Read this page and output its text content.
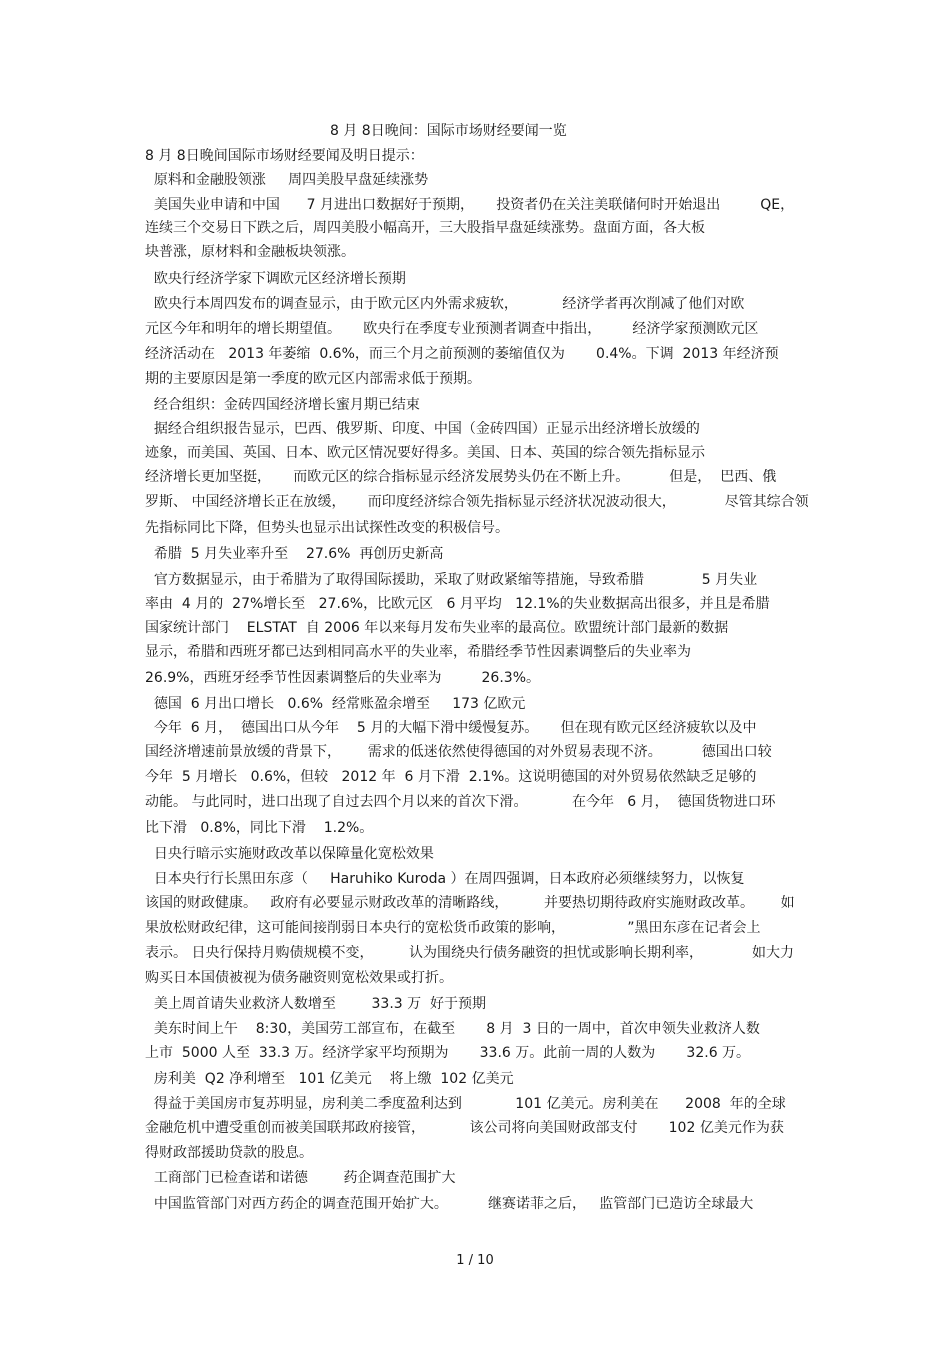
8 月 8日晚间：国际市场财经要闻一览
8 月 8日晚间国际市场财经要闻及明日提示：
原料和金融股领涨     周四美股早盘延续涨势
美国失业申请和中国      7 月进出口数据好于预期，     投资者仍在关注美联储何时开始退出         QE，
连续三个交易日下跌之后，周四美股小幅高开，三大股指早盘延续涨势。盘面方面，各大板
块普涨，原材料和金融板块领涨。
欧央行经济学家下调欧元区经济增长预期
欧央行本周四发布的调查显示，由于欧元区内外需求疲软，          经济学者再次削减了他们对欧
元区今年和明年的增长期望值。     欧央行在季度专业预测者调查中指出，       经济学家预测欧元区
经济活动在   2013 年萎缩  0.6%，而三个月之前预测的萎缩值仅为       0.4%。下调  2013 年经济预
期的主要原因是第一季度的欧元区内部需求低于预期。
经合组织：金砖四国经济增长蜜月期已结束
据经合组织报告显示，巴西、俄罗斯、印度、中国（金砖四国）正显示出经济增长放缓的
迹象，而美国、英国、日本、欧元区情况要好得多。美国、日本、英国的综合领先指标显示
经济增长更加坚挺，     而欧元区的综合指标显示经济发展势头仍在不断上升。         但是，  巴西、俄
罗斯、 中国经济增长正在放缓，     而印度经济综合领先指标显示经济状况波动很大，           尽管其综合领
先指标同比下降，但势头也显示出试探性改变的积极信号。
希腊  5 月失业率升至    27.6%  再创历史新高
官方数据显示，由于希腊为了取得国际援助，采取了财政紧缩等措施，导致希腊             5 月失业
率由  4 月的  27%增长至   27.6%，比欧元区   6 月平均   12.1%的失业数据高出很多，并且是希腊
国家统计部门    ELSTAT  自 2006 年以来每月发布失业率的最高位。欧盟统计部门最新的数据
显示，希腊和西班牙都已达到相同高水平的失业率，希腊经季节性因素调整后的失业率为
26.9%，西班牙经季节性因素调整后的失业率为         26.3%。
德国  6 月出口增长   0.6%  经常账盈余增至     173 亿欧元
今年  6 月，  德国出口从今年    5 月的大幅下滑中缓慢复苏。     但在现有欧元区经济疲软以及中
国经济增速前景放缓的背景下，      需求的低迷依然使得德国的对外贸易表现不济。         德国出口较
今年  5 月增长   0.6%，但较   2012 年  6 月下滑  2.1%。这说明德国的对外贸易依然缺乏足够的
动能。 与此同时，进口出现了自过去四个月以来的首次下滑。          在今年   6 月，  德国货物进口环
比下滑   0.8%，同比下滑    1.2%。
日央行暗示实施财政改革以保障量化宽松效果
日本央行行长黑田东彦（     Haruhiko Kuroda ）在周四强调，日本政府必须继续努力，以恢复
该国的财政健康。   政府有必要显示财政改革的清晰路线，        并要热切期待政府实施财政改革。      如
果放松财政纪律，这可能间接削弱日本央行的宽松货币政策的影响，              ”黑田东彦在记者会上
表示。 日央行保持月购债规模不变，        认为围绕央行债务融资的担忧或影响长期利率，           如大力
购买日本国债被视为债务融资则宽松效果或打折。
美上周首请失业救济人数增至        33.3 万  好于预期
美东时间上午    8:30，美国劳工部宣布，在截至       8 月  3 日的一周中，首次申领失业救济人数
上市  5000 人至  33.3 万。经济学家平均预期为       33.6 万。此前一周的人数为       32.6 万。
房利美  Q2 净利增至   101 亿美元    将上缴  102 亿美元
得益于美国房市复苏明显，房利美二季度盈利达到            101 亿美元。房利美在      2008  年的全球
金融危机中遭受重创而被美国联邦政府接管，          该公司将向美国财政部支付       102 亿美元作为获
得财政部援助贷款的股息。
工商部门已检查诺和诺德        药企调查范围扩大
中国监管部门对西方药企的调查范围开始扩大。         继赛诺菲之后，   监管部门已造访全球最大
1 / 10
